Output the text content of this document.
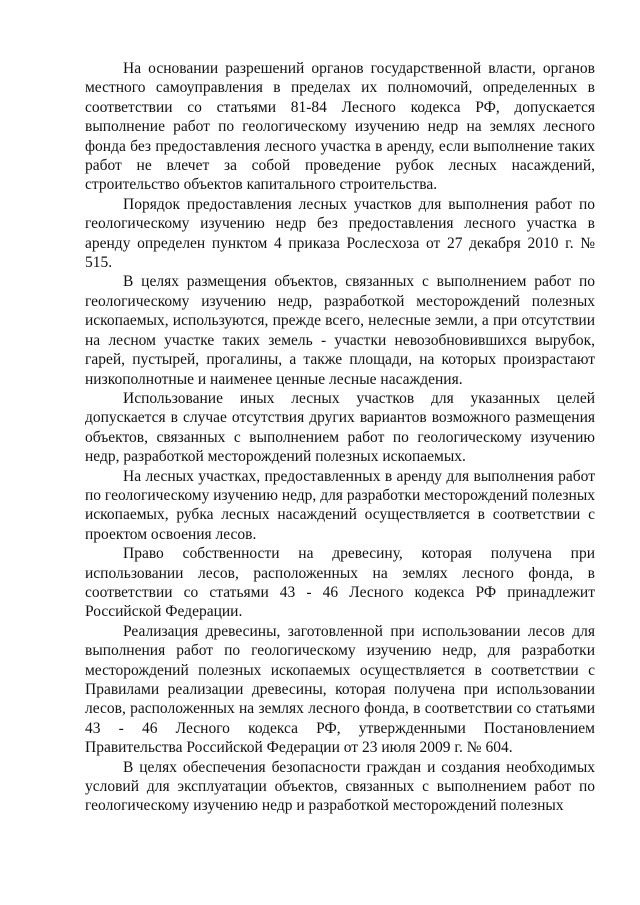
На основании разрешений органов государственной власти, органов местного самоуправления в пределах их полномочий, определенных в соответствии со статьями 81-84 Лесного кодекса РФ, допускается выполнение работ по геологическому изучению недр на землях лесного фонда без предоставления лесного участка в аренду, если выполнение таких работ не влечет за собой проведение рубок лесных насаждений, строительство объектов капитального строительства.

Порядок предоставления лесных участков для выполнения работ по геологическому изучению недр без предоставления лесного участка в аренду определен пунктом 4 приказа Рослесхоза от 27 декабря 2010 г. № 515.

В целях размещения объектов, связанных с выполнением работ по геологическому изучению недр, разработкой месторождений полезных ископаемых, используются, прежде всего, нелесные земли, а при отсутствии на лесном участке таких земель - участки невозобновившихся вырубок, гарей, пустырей, прогалины, а также площади, на которых произрастают низкополнотные и наименее ценные лесные насаждения.

Использование иных лесных участков для указанных целей допускается в случае отсутствия других вариантов возможного размещения объектов, связанных с выполнением работ по геологическому изучению недр, разработкой месторождений полезных ископаемых.

На лесных участках, предоставленных в аренду для выполнения работ по геологическому изучению недр, для разработки месторождений полезных ископаемых, рубка лесных насаждений осуществляется в соответствии с проектом освоения лесов.

Право собственности на древесину, которая получена при использовании лесов, расположенных на землях лесного фонда, в соответствии со статьями 43 - 46 Лесного кодекса РФ принадлежит Российской Федерации.

Реализация древесины, заготовленной при использовании лесов для выполнения работ по геологическому изучению недр, для разработки месторождений полезных ископаемых осуществляется в соответствии с Правилами реализации древесины, которая получена при использовании лесов, расположенных на землях лесного фонда, в соответствии со статьями 43 - 46 Лесного кодекса РФ, утвержденными Постановлением Правительства Российской Федерации от 23 июля 2009 г. № 604.

В целях обеспечения безопасности граждан и создания необходимых условий для эксплуатации объектов, связанных с выполнением работ по геологическому изучению недр и разработкой месторождений полезных
